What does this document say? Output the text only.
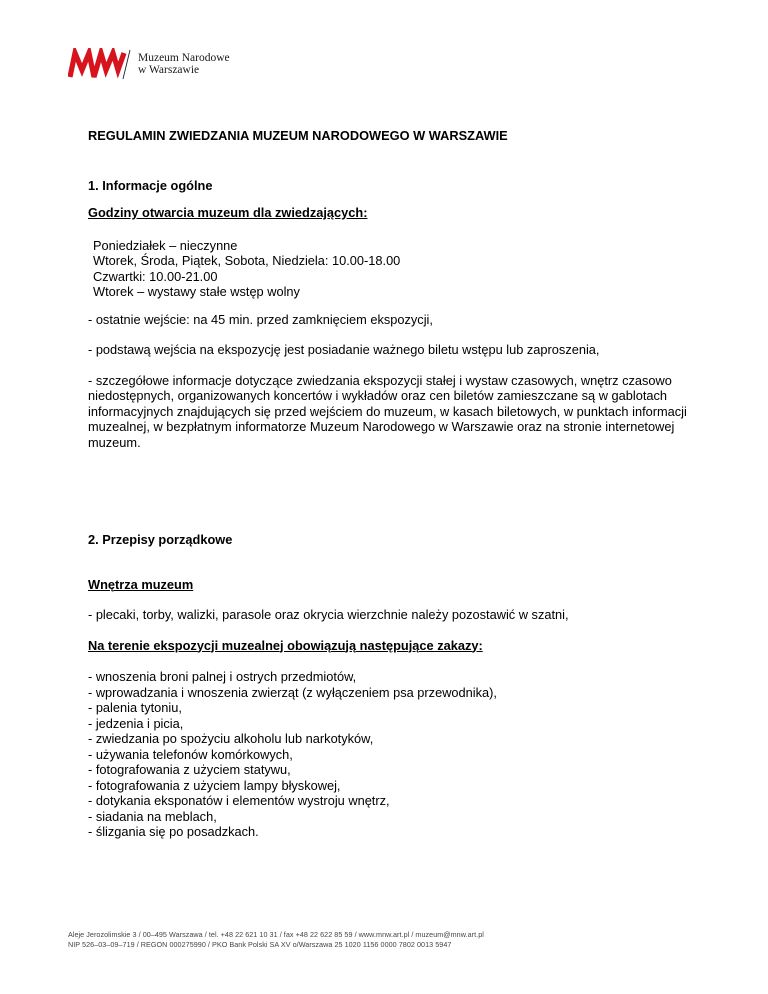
Muzeum Narodowe
w Warszawie

REGULAMIN ZWIEDZANIA MUZEUM NARODOWEGO W WARSZAWIE

1. Informacje ogólne

Godziny otwarcia muzeum dla zwiedzających:

Poniedziałek – nieczynne
Wtorek, Środa, Piątek, Sobota, Niedziela: 10.00-18.00
Czwartki: 10.00-21.00
Wtorek – wystawy stałe wstęp wolny

- ostatnie wejście: na 45 min. przed zamknięciem ekspozycji,

- podstawą wejścia na ekspozycję jest posiadanie ważnego biletu wstępu lub zaproszenia,

- szczegółowe informacje dotyczące zwiedzania ekspozycji stałej i wystaw czasowych, wnętrz czasowo niedostępnych, organizowanych koncertów i wykładów oraz cen biletów zamieszczane są w gablotach informacyjnych znajdujących się przed wejściem do muzeum, w kasach biletowych, w punktach informacji muzealnej, w bezpłatnym informatorze Muzeum Narodowego w Warszawie oraz na stronie internetowej muzeum.

2. Przepisy porządkowe

Wnętrza muzeum

- plecaki, torby, walizki, parasole oraz okrycia wierzchnie należy pozostawić w szatni,

Na terenie ekspozycji muzealnej obowiązują następujące zakazy:

- wnoszenia broni palnej i ostrych przedmiotów,
- wprowadzania i wnoszenia zwierząt (z wyłączeniem psa przewodnika),
- palenia tytoniu,
- jedzenia i picia,
- zwiedzania po spożyciu alkoholu lub narkotyków,
- używania telefonów komórkowych,
- fotografowania z użyciem statywu,
- fotografowania z użyciem lampy błyskowej,
- dotykania eksponatów i elementów wystroju wnętrz,
- siadania na meblach,
- ślizgania się po posadzkach.
Aleje Jerozolimskie 3 / 00–495 Warszawa / tel. +48 22 621 10 31 / fax +48 22 622 85 59 / www.mnw.art.pl / muzeum@mnw.art.pl
NIP 526–03–09–719 / REGON 000275990 / PKO Bank Polski SA XV o/Warszawa 25 1020 1156 0000 7802 0013 5947
